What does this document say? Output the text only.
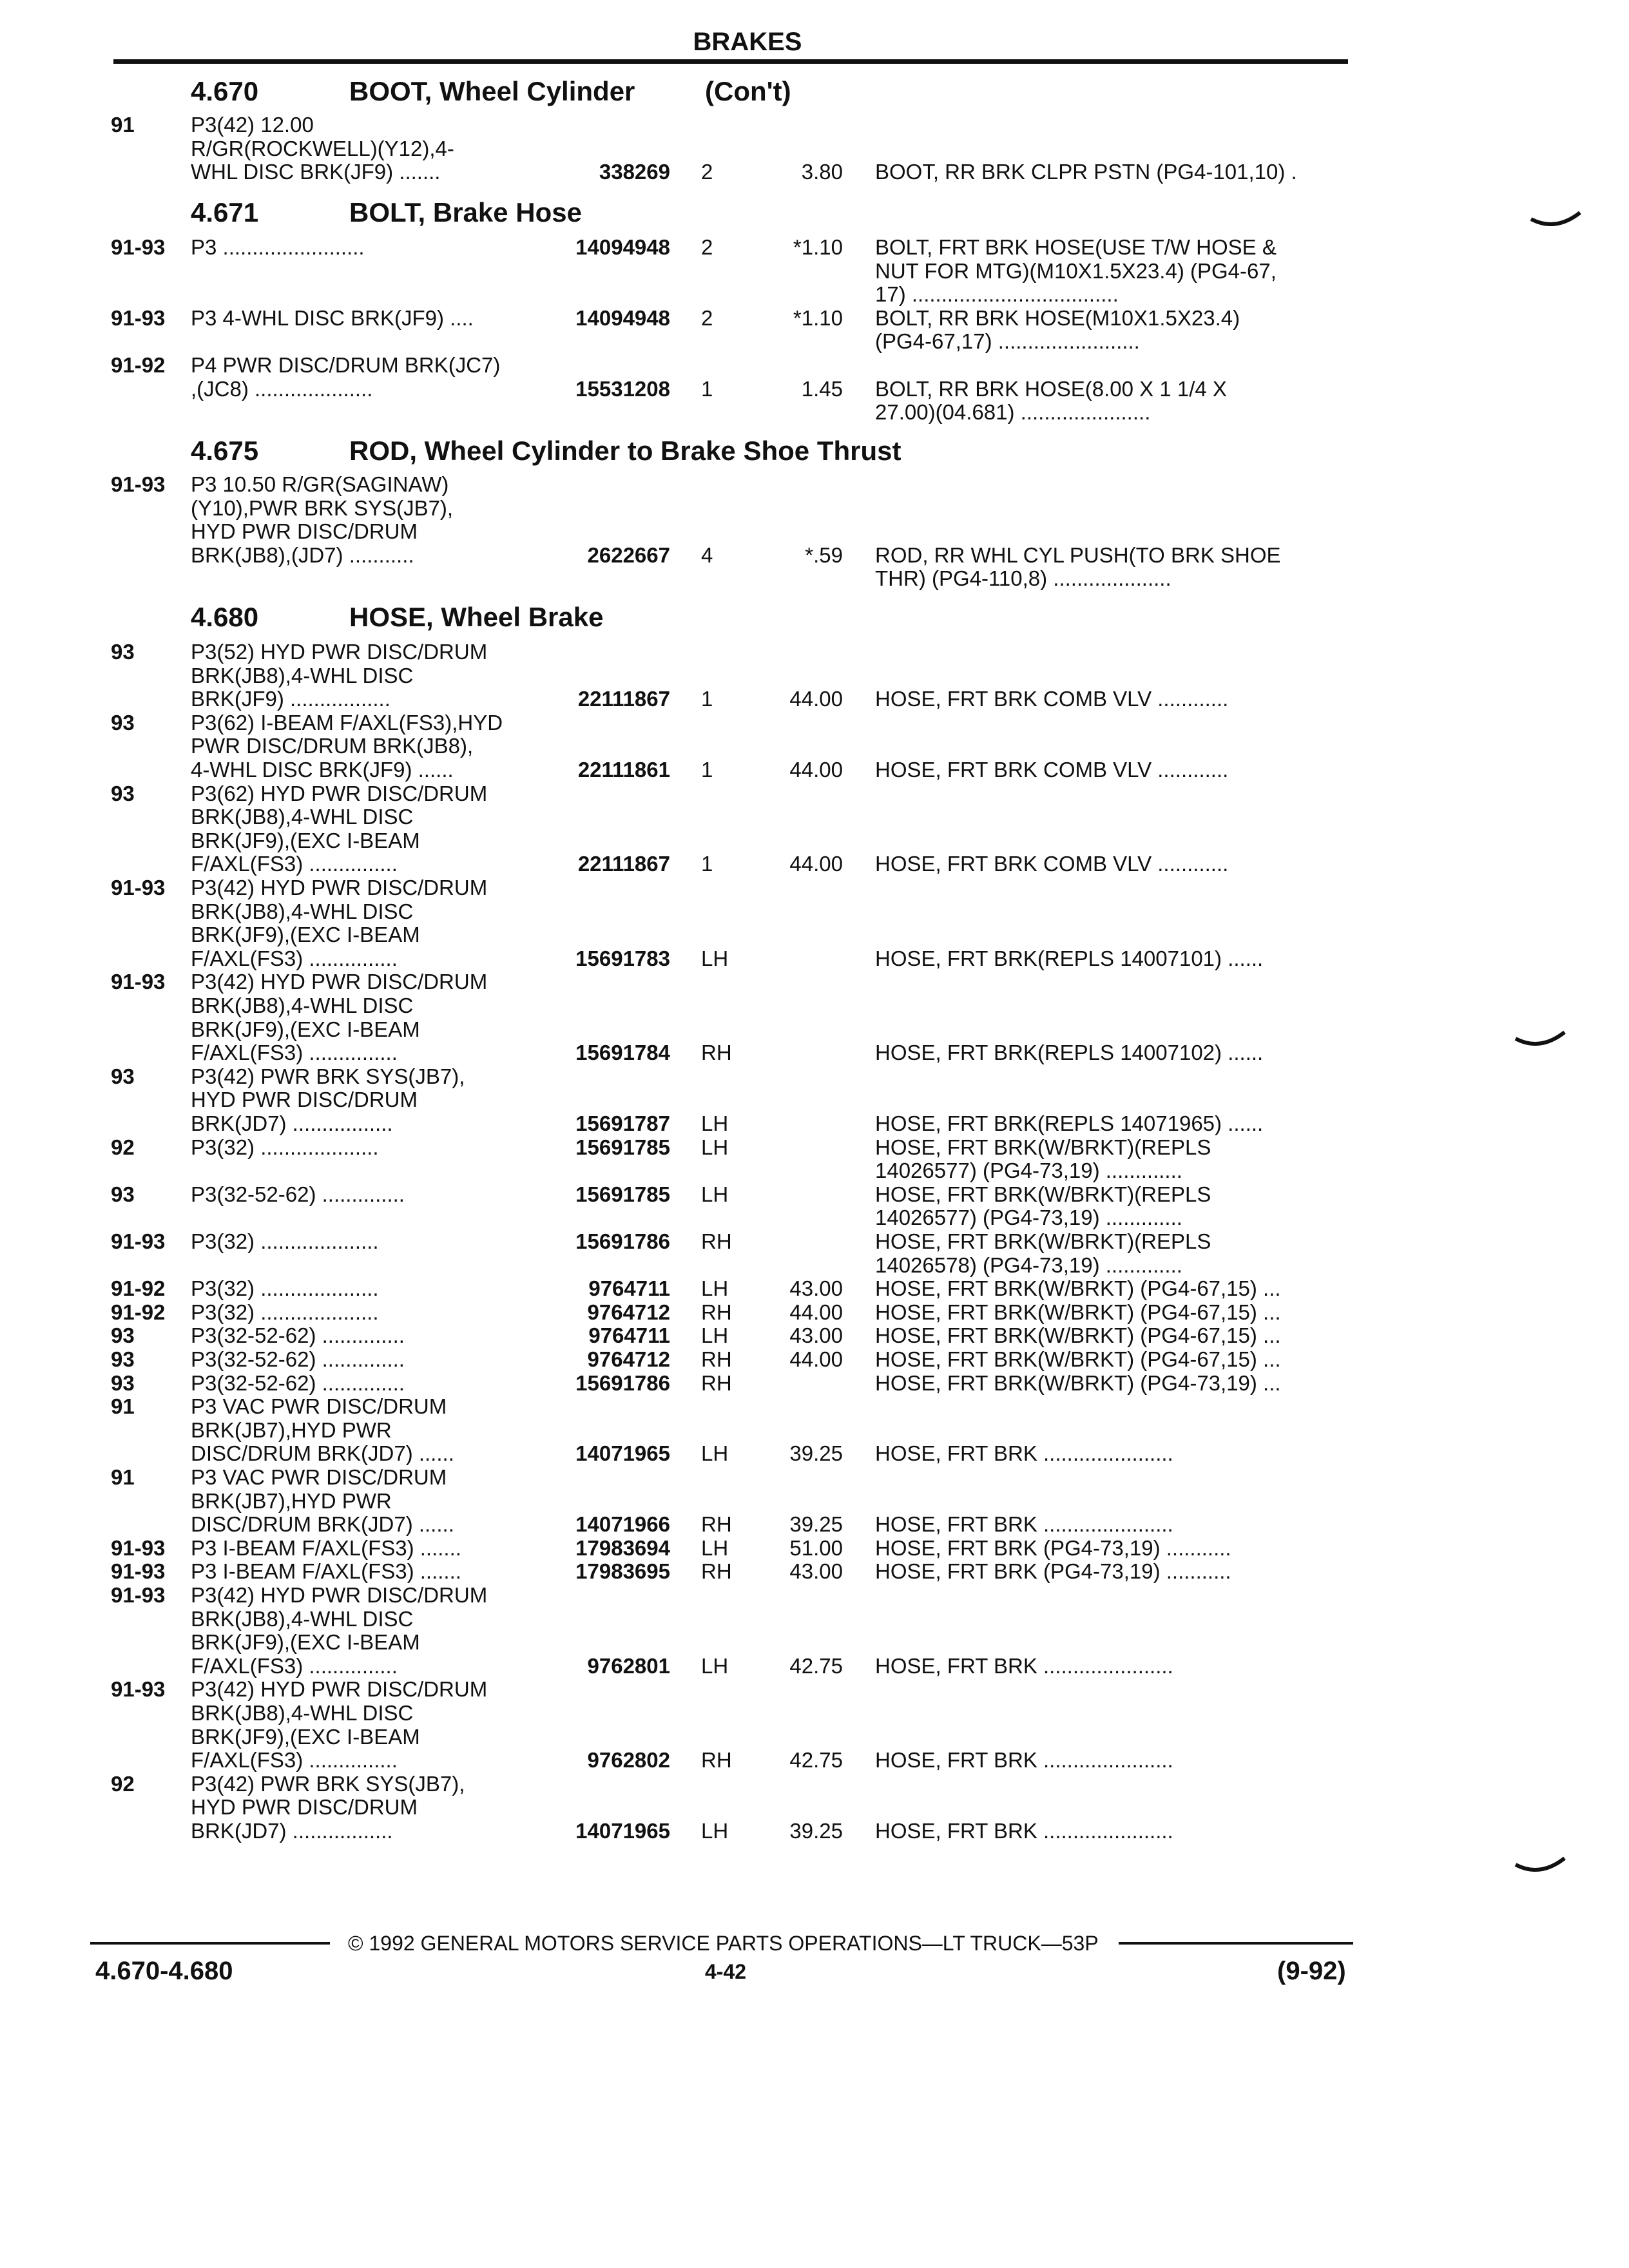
BRAKES
4.670	BOOT, Wheel Cylinder	(Con't)
91	P3(42) 12.00
R/GR(ROCKWELL)(Y12),4-
WHL DISC BRK(JF9) .......	338269 2	3.80 BOOT, RR BRK CLPR PSTN (PG4-101,10) .
4.671	BOLT, Brake Hose
91-93 P3 ........................	14094948 2	*1.10 BOLT, FRT BRK HOSE(USE T/W HOSE &
NUT FOR MTG)(M10X1.5X23.4) (PG4-67,
17) ...................................
91-93 P3 4-WHL DISC BRK(JF9) ....	14094948 2	*1.10 BOLT, RR BRK HOSE(M10X1.5X23.4)
(PG4-67,17) ........................
91-92 P4 PWR DISC/DRUM BRK(JC7)
,(JC8) ....................	15531208 1	1.45 BOLT, RR BRK HOSE(8.00 X 1 1/4 X
27.00)(04.681) ......................
4.675	ROD, Wheel Cylinder to Brake Shoe Thrust
91-93 P3 10.50 R/GR(SAGINAW)
(Y10),PWR BRK SYS(JB7),
HYD PWR DISC/DRUM
BRK(JB8),(JD7) ...........	2622667 4	*.59 ROD, RR WHL CYL PUSH(TO BRK SHOE
THR) (PG4-110,8) ....................
4.680	HOSE, Wheel Brake
93	P3(52) HYD PWR DISC/DRUM
BRK(JB8),4-WHL DISC
BRK(JF9) .................	22111867 1	44.00 HOSE, FRT BRK COMB VLV ............
93	P3(62) I-BEAM F/AXL(FS3),HYD
PWR DISC/DRUM BRK(JB8),
4-WHL DISC BRK(JF9) ......	22111861 1	44.00 HOSE, FRT BRK COMB VLV ............
93	P3(62) HYD PWR DISC/DRUM
BRK(JB8),4-WHL DISC
BRK(JF9),(EXC I-BEAM
F/AXL(FS3) ...............	22111867 1	44.00 HOSE, FRT BRK COMB VLV ............
91-93 P3(42) HYD PWR DISC/DRUM
BRK(JB8),4-WHL DISC
BRK(JF9),(EXC I-BEAM
F/AXL(FS3) ...............	15691783 LH	HOSE, FRT BRK(REPLS 14007101) ......
91-93 P3(42) HYD PWR DISC/DRUM
BRK(JB8),4-WHL DISC
BRK(JF9),(EXC I-BEAM
F/AXL(FS3) ...............	15691784 RH	HOSE, FRT BRK(REPLS 14007102) ......
93	P3(42) PWR BRK SYS(JB7),
HYD PWR DISC/DRUM
BRK(JD7) .................	15691787 LH	HOSE, FRT BRK(REPLS 14071965) ......
92	P3(32) ....................	15691785 LH	HOSE, FRT BRK(W/BRKT)(REPLS
14026577) (PG4-73,19) .............
93	P3(32-52-62) ..............	15691785 LH	HOSE, FRT BRK(W/BRKT)(REPLS
14026577) (PG4-73,19) .............
91-93 P3(32) ....................	15691786 RH	HOSE, FRT BRK(W/BRKT)(REPLS
14026578) (PG4-73,19) .............
91-92 P3(32) ....................	9764711 LH	43.00 HOSE, FRT BRK(W/BRKT) (PG4-67,15) ...
91-92 P3(32) ....................	9764712 RH	44.00 HOSE, FRT BRK(W/BRKT) (PG4-67,15) ...
93	P3(32-52-62) ..............	9764711 LH	43.00 HOSE, FRT BRK(W/BRKT) (PG4-67,15) ...
93	P3(32-52-62) ..............	9764712 RH	44.00 HOSE, FRT BRK(W/BRKT) (PG4-67,15) ...
93	P3(32-52-62) ..............	15691786 RH	HOSE, FRT BRK(W/BRKT) (PG4-73,19) ...
91	P3 VAC PWR DISC/DRUM
BRK(JB7),HYD PWR
DISC/DRUM BRK(JD7) ......	14071965 LH	39.25 HOSE, FRT BRK ......................
91	P3 VAC PWR DISC/DRUM
BRK(JB7),HYD PWR
DISC/DRUM BRK(JD7) ......	14071966 RH	39.25 HOSE, FRT BRK ......................
91-93 P3 I-BEAM F/AXL(FS3) .......	17983694 LH	51.00 HOSE, FRT BRK (PG4-73,19) ...........
91-93 P3 I-BEAM F/AXL(FS3) .......	17983695 RH	43.00 HOSE, FRT BRK (PG4-73,19) ...........
91-93 P3(42) HYD PWR DISC/DRUM
BRK(JB8),4-WHL DISC
BRK(JF9),(EXC I-BEAM
F/AXL(FS3) ...............	9762801 LH	42.75 HOSE, FRT BRK ......................
91-93 P3(42) HYD PWR DISC/DRUM
BRK(JB8),4-WHL DISC
BRK(JF9),(EXC I-BEAM
F/AXL(FS3) ...............	9762802 RH	42.75 HOSE, FRT BRK ......................
92	P3(42) PWR BRK SYS(JB7),
HYD PWR DISC/DRUM
BRK(JD7) .................	14071965 LH	39.25 HOSE, FRT BRK ......................
© 1992 GENERAL MOTORS SERVICE PARTS OPERATIONS—LT TRUCK—53P
4.670-4.680	4-42	(9-92)
